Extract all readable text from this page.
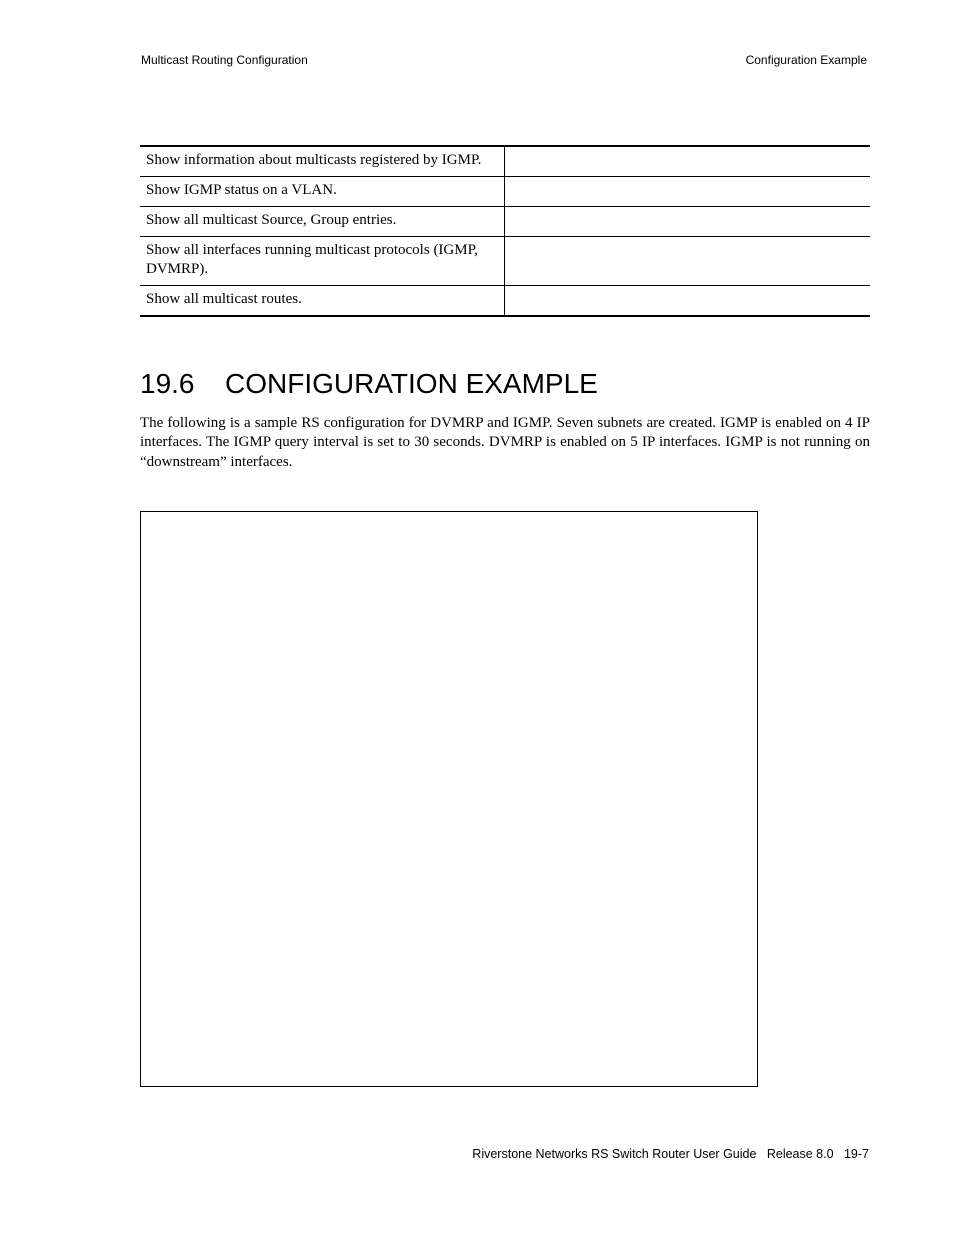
Multicast Routing Configuration	Configuration Example
Show information about multicasts registered by IGMP.	
Show IGMP status on a VLAN.	
Show all multicast Source, Group entries.	
Show all interfaces running multicast protocols (IGMP, DVMRP).	
Show all multicast routes.	
19.6 CONFIGURATION EXAMPLE

The following is a sample RS configuration for DVMRP and IGMP. Seven subnets are created. IGMP is enabled on 4 IP interfaces. The IGMP query interval is set to 30 seconds. DVMRP is enabled on 5 IP interfaces. IGMP is not running on “downstream” interfaces.

Riverstone Networks RS Switch Router User Guide   Release 8.0   19-7
